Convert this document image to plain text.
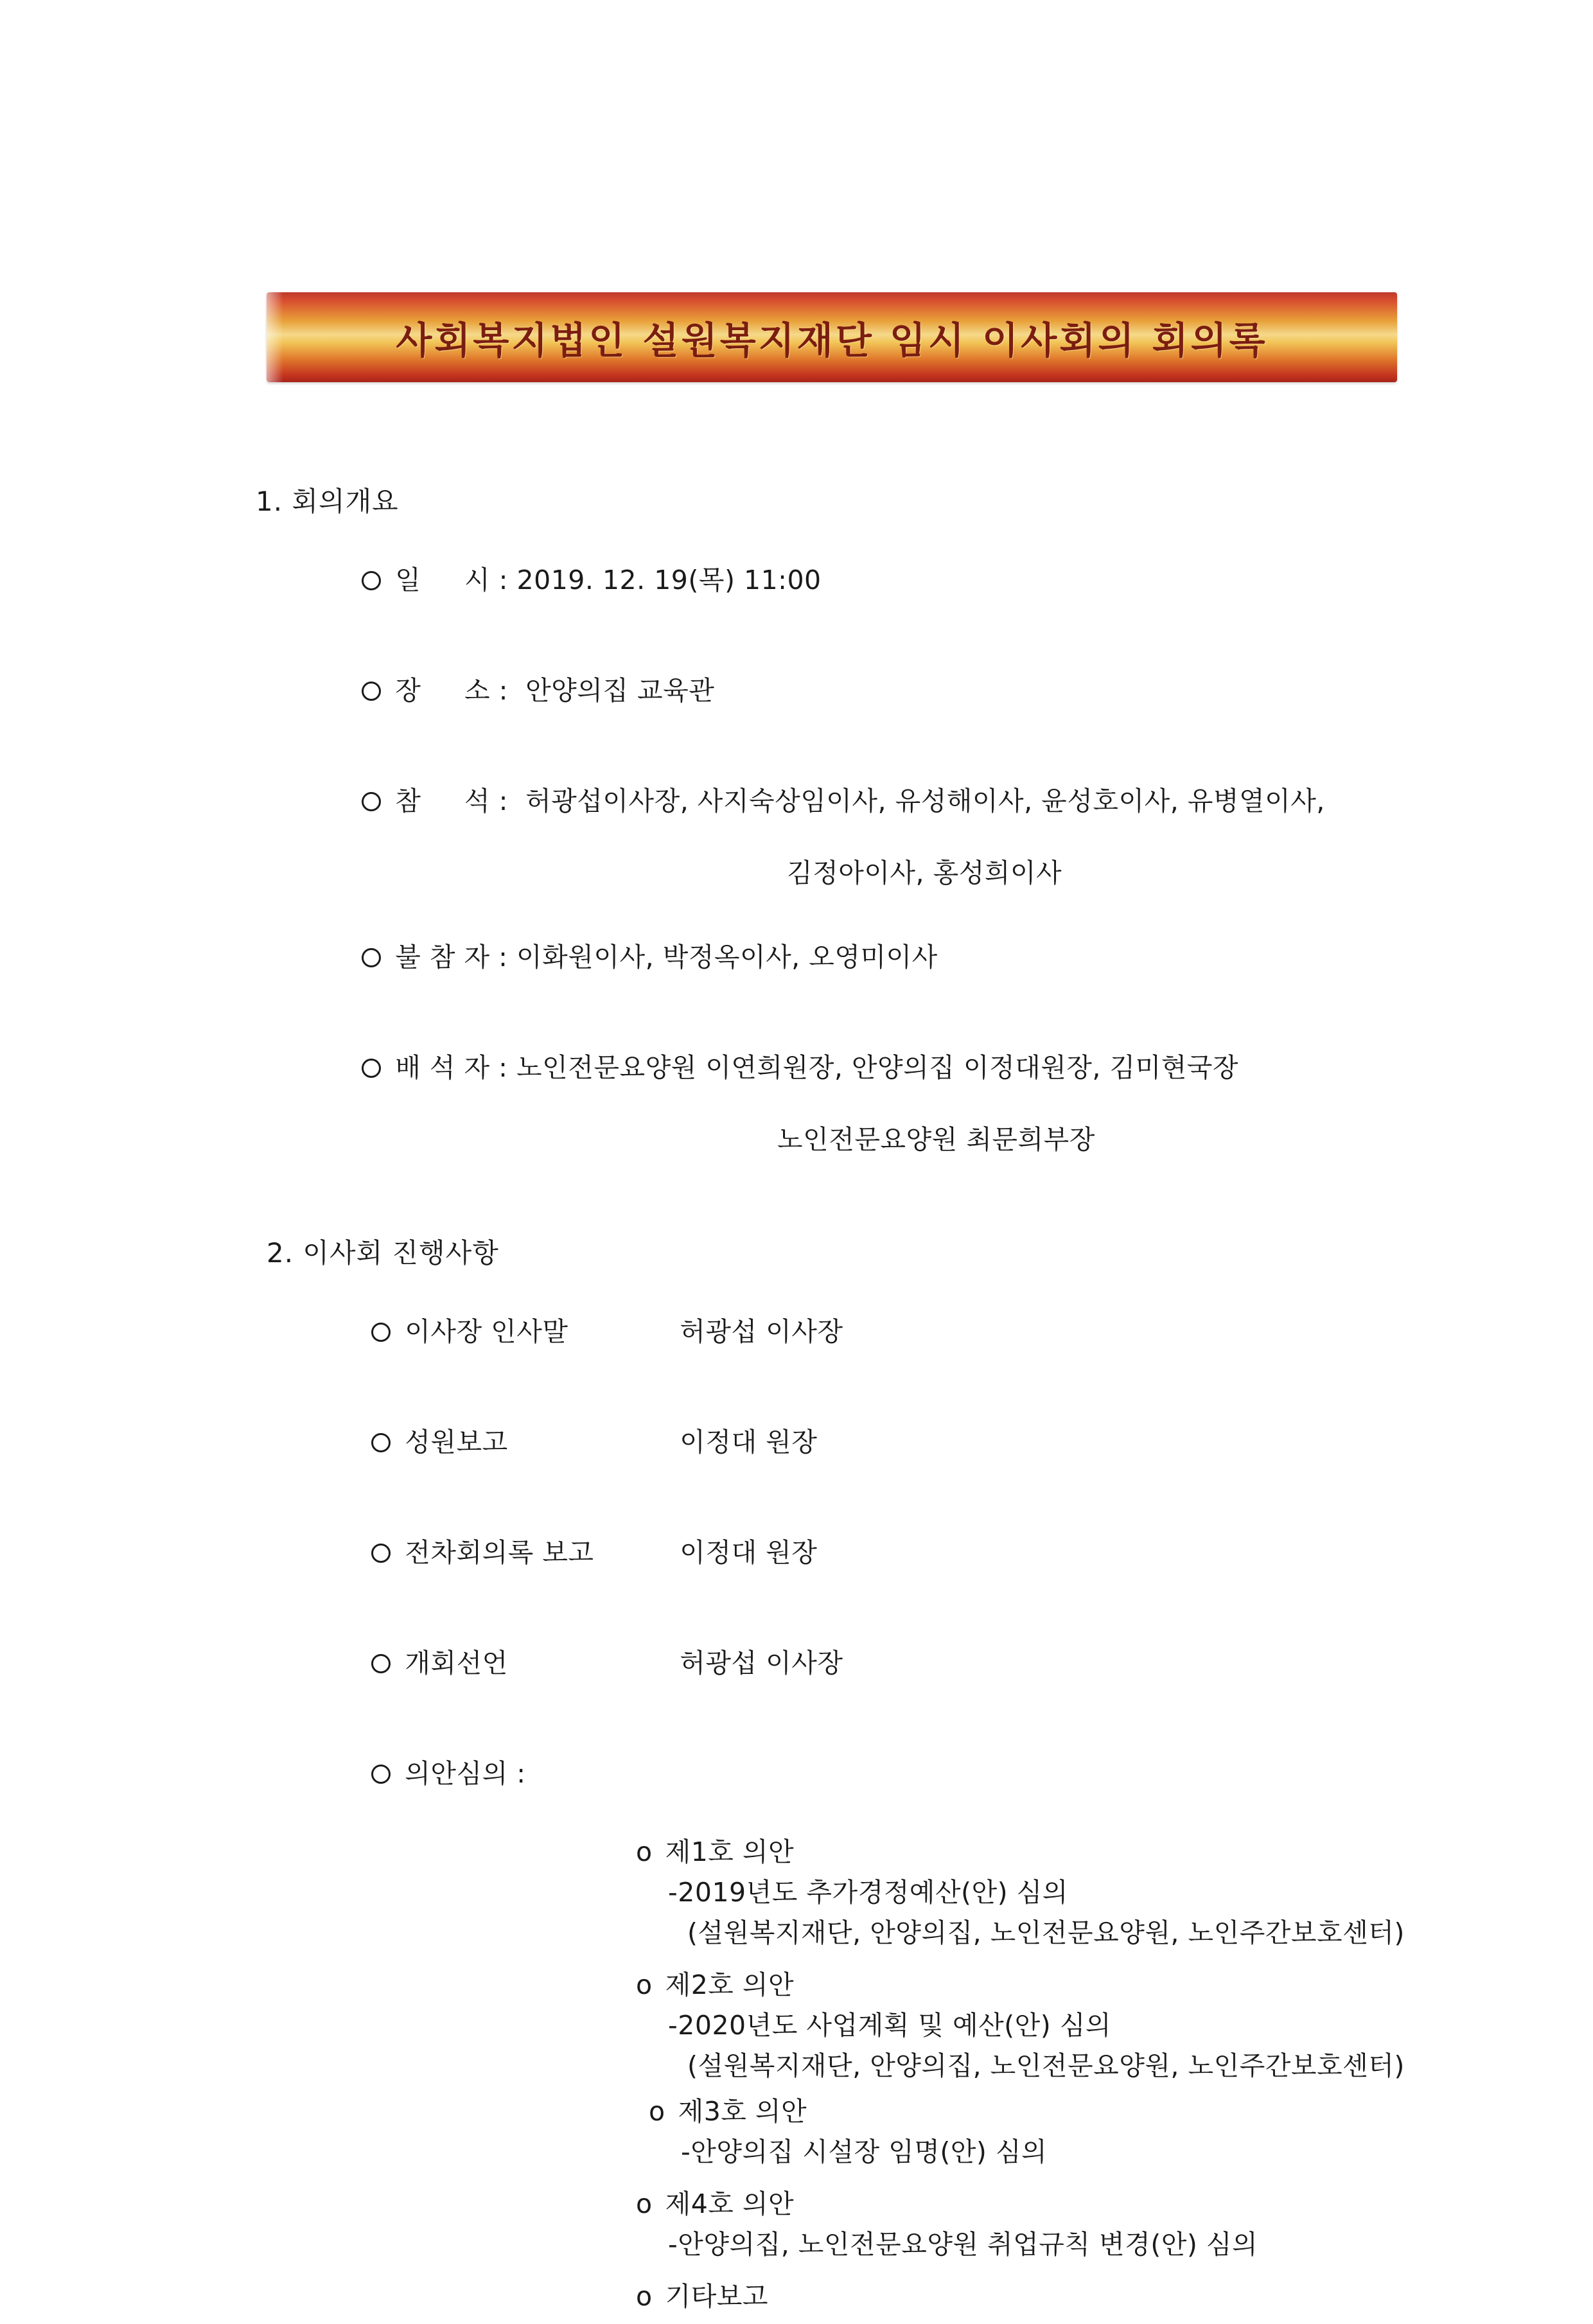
사회복지법인 설원복지재단 임시 이사회의 회의록
1. 회의개요

일     시 : 2019. 12. 19(목) 11:00

장     소 : 안양의집 교육관

참     석 : 허광섭이사장, 사지숙상임이사, 유성해이사, 윤성호이사, 유병열이사,

김정아이사, 홍성희이사

불 참 자 : 이화원이사, 박정옥이사, 오영미이사

배 석 자 : 노인전문요양원 이연희원장, 안양의집 이정대원장, 김미현국장

노인전문요양원 최문희부장
2. 이사회 진행사항

이사장 인사말	허광섭 이사장

성원보고	이정대 원장

전차회의록 보고	이정대 원장

개회선언	허광섭 이사장

의안심의 :

o 제1호 의안
-2019년도 추가경정예산(안) 심의
(설원복지재단, 안양의집, 노인전문요양원, 노인주간보호센터)
o 제2호 의안
-2020년도 사업계획 및 예산(안) 심의
(설원복지재단, 안양의집, 노인전문요양원, 노인주간보호센터)
o 제3호 의안
-안양의집 시설장 임명(안) 심의
o 제4호 의안
-안양의집, 노인전문요양원 취업규칙 변경(안) 심의
o 기타보고
